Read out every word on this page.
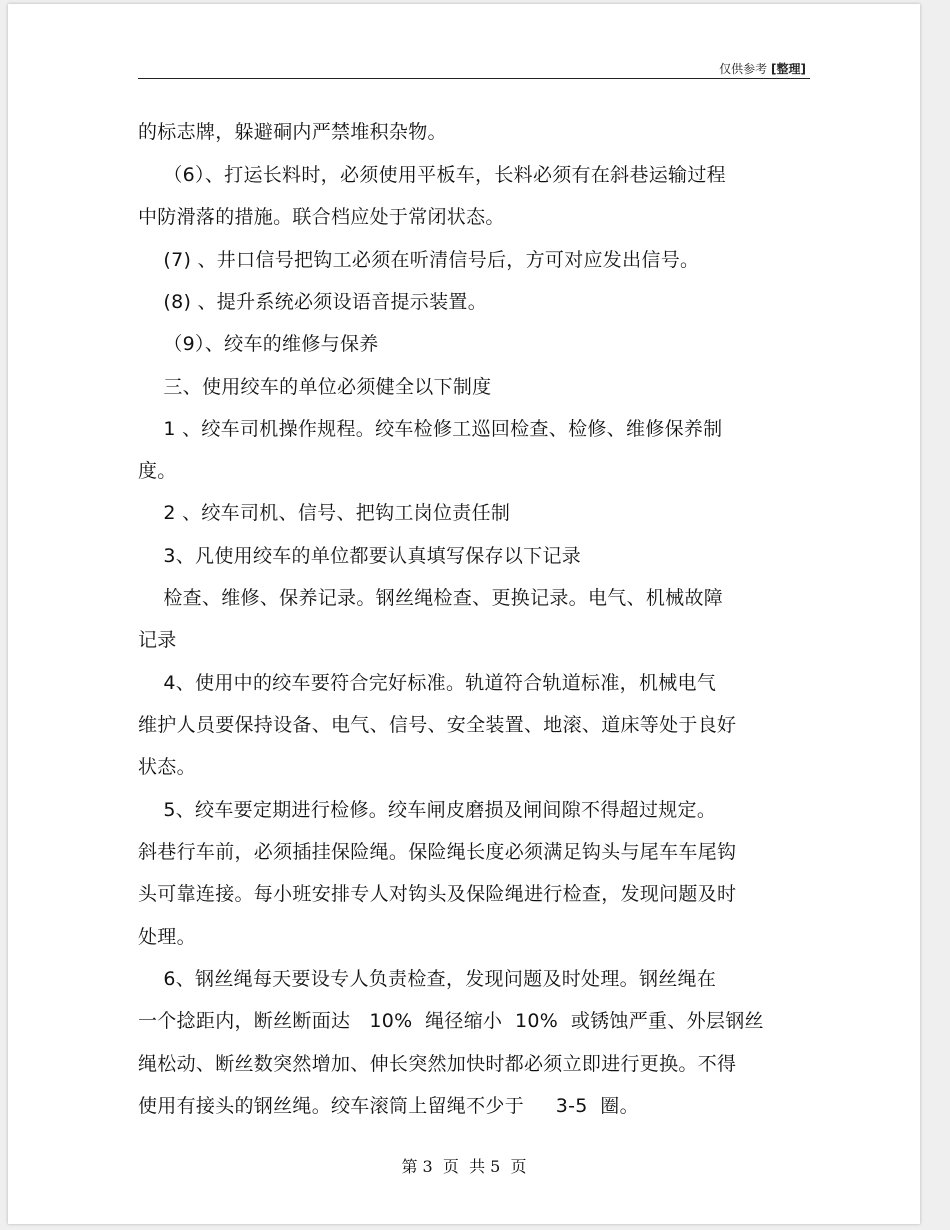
仅供参考 [整理]
的标志牌，躲避硐内严禁堆积杂物。
（6）、打运长料时，必须使用平板车，长料必须有在斜巷运输过程
中防滑落的措施。联合档应处于常闭状态。
(7) 、井口信号把钩工必须在听清信号后，方可对应发出信号。
(8) 、提升系统必须设语音提示装置。
（9）、绞车的维修与保养
三、使用绞车的单位必须健全以下制度
1 、绞车司机操作规程。绞车检修工巡回检查、检修、维修保养制
度。
2 、绞车司机、信号、把钩工岗位责任制
3、凡使用绞车的单位都要认真填写保存以下记录
检查、维修、保养记录。钢丝绳检查、更换记录。电气、机械故障
记录
4、使用中的绞车要符合完好标准。轨道符合轨道标准，机械电气
维护人员要保持设备、电气、信号、安全装置、地滚、道床等处于良好
状态。
5、绞车要定期进行检修。绞车闸皮磨损及闸间隙不得超过规定。
斜巷行车前，必须插挂保险绳。保险绳长度必须满足钩头与尾车车尾钩
头可靠连接。每小班安排专人对钩头及保险绳进行检查，发现问题及时
处理。
6、钢丝绳每天要设专人负责检查，发现问题及时处理。钢丝绳在
一个捻距内，断丝断面达   10%  绳径缩小  10%  或锈蚀严重、外层钢丝
绳松动、断丝数突然增加、伸长突然加快时都必须立即进行更换。不得
使用有接头的钢丝绳。绞车滚筒上留绳不少于     3-5  圈。
第 3  页  共 5  页
